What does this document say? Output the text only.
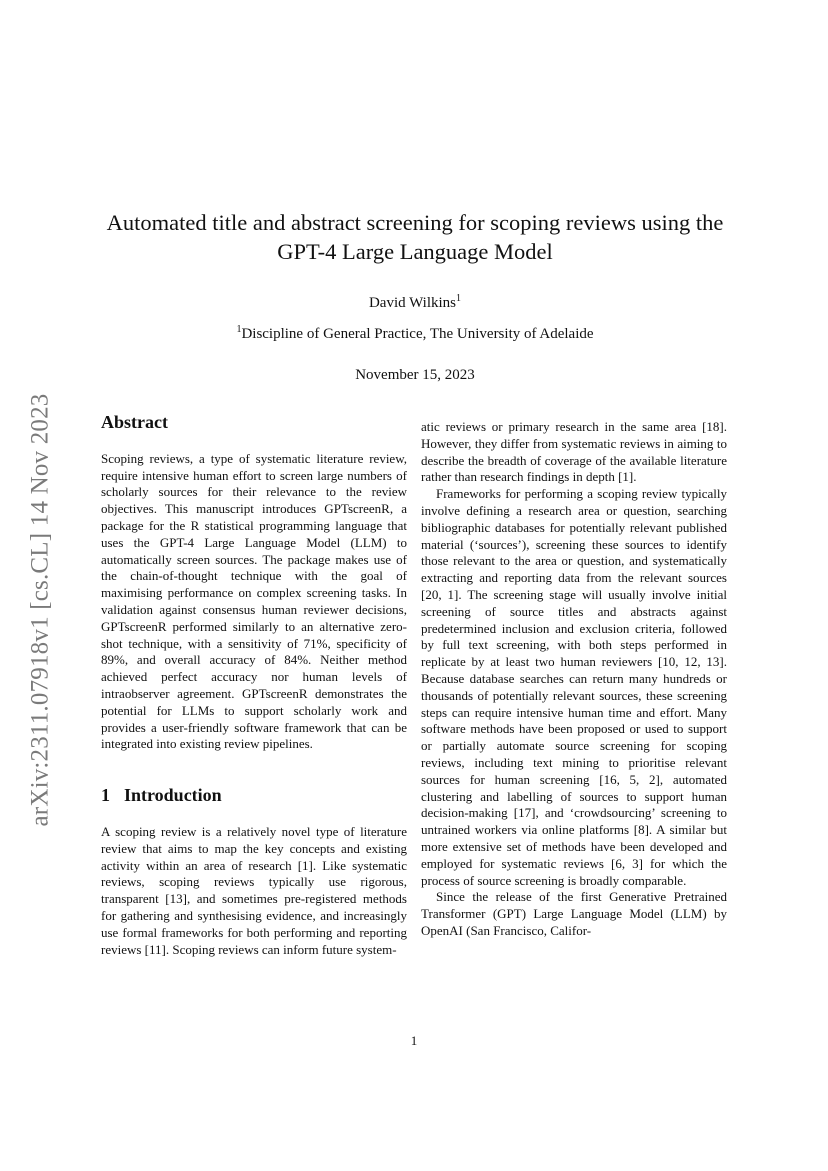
arXiv:2311.07918v1 [cs.CL] 14 Nov 2023
Automated title and abstract screening for scoping reviews using the GPT-4 Large Language Model
David Wilkins$^1$
$^1$Discipline of General Practice, The University of Adelaide
November 15, 2023
Abstract

Scoping reviews, a type of systematic literature review, require intensive human effort to screen large numbers of scholarly sources for their relevance to the review objectives. This manuscript introduces GPTscreenR, a package for the R statistical programming language that uses the GPT-4 Large Language Model (LLM) to automatically screen sources. The package makes use of the chain-of-thought technique with the goal of maximising performance on complex screening tasks. In validation against consensus human reviewer decisions, GPTscreenR performed similarly to an alternative zero-shot technique, with a sensitivity of 71%, specificity of 89%, and overall accuracy of 84%. Neither method achieved perfect accuracy nor human levels of intraobserver agreement. GPTscreenR demonstrates the potential for LLMs to support scholarly work and provides a user-friendly software framework that can be integrated into existing review pipelines.

1 Introduction

A scoping review is a relatively novel type of literature review that aims to map the key concepts and existing activity within an area of research [1]. Like systematic reviews, scoping reviews typically use rigorous, transparent [13], and sometimes pre-registered methods for gathering and synthesising evidence, and increasingly use formal frameworks for both performing and reporting reviews [11]. Scoping reviews can inform future system-

atic reviews or primary research in the same area [18]. However, they differ from systematic reviews in aiming to describe the breadth of coverage of the available literature rather than research findings in depth [1].

Frameworks for performing a scoping review typically involve defining a research area or question, searching bibliographic databases for potentially relevant published material (‘sources’), screening these sources to identify those relevant to the area or question, and systematically extracting and reporting data from the relevant sources [20, 1]. The screening stage will usually involve initial screening of source titles and abstracts against predetermined inclusion and exclusion criteria, followed by full text screening, with both steps performed in replicate by at least two human reviewers [10, 12, 13]. Because database searches can return many hundreds or thousands of potentially relevant sources, these screening steps can require intensive human time and effort. Many software methods have been proposed or used to support or partially automate source screening for scoping reviews, including text mining to prioritise relevant sources for human screening [16, 5, 2], automated clustering and labelling of sources to support human decision-making [17], and ‘crowdsourcing’ screening to untrained workers via online platforms [8]. A similar but more extensive set of methods have been developed and employed for systematic reviews [6, 3] for which the process of source screening is broadly comparable.

Since the release of the first Generative Pretrained Transformer (GPT) Large Language Model (LLM) by OpenAI (San Francisco, Califor-

1
